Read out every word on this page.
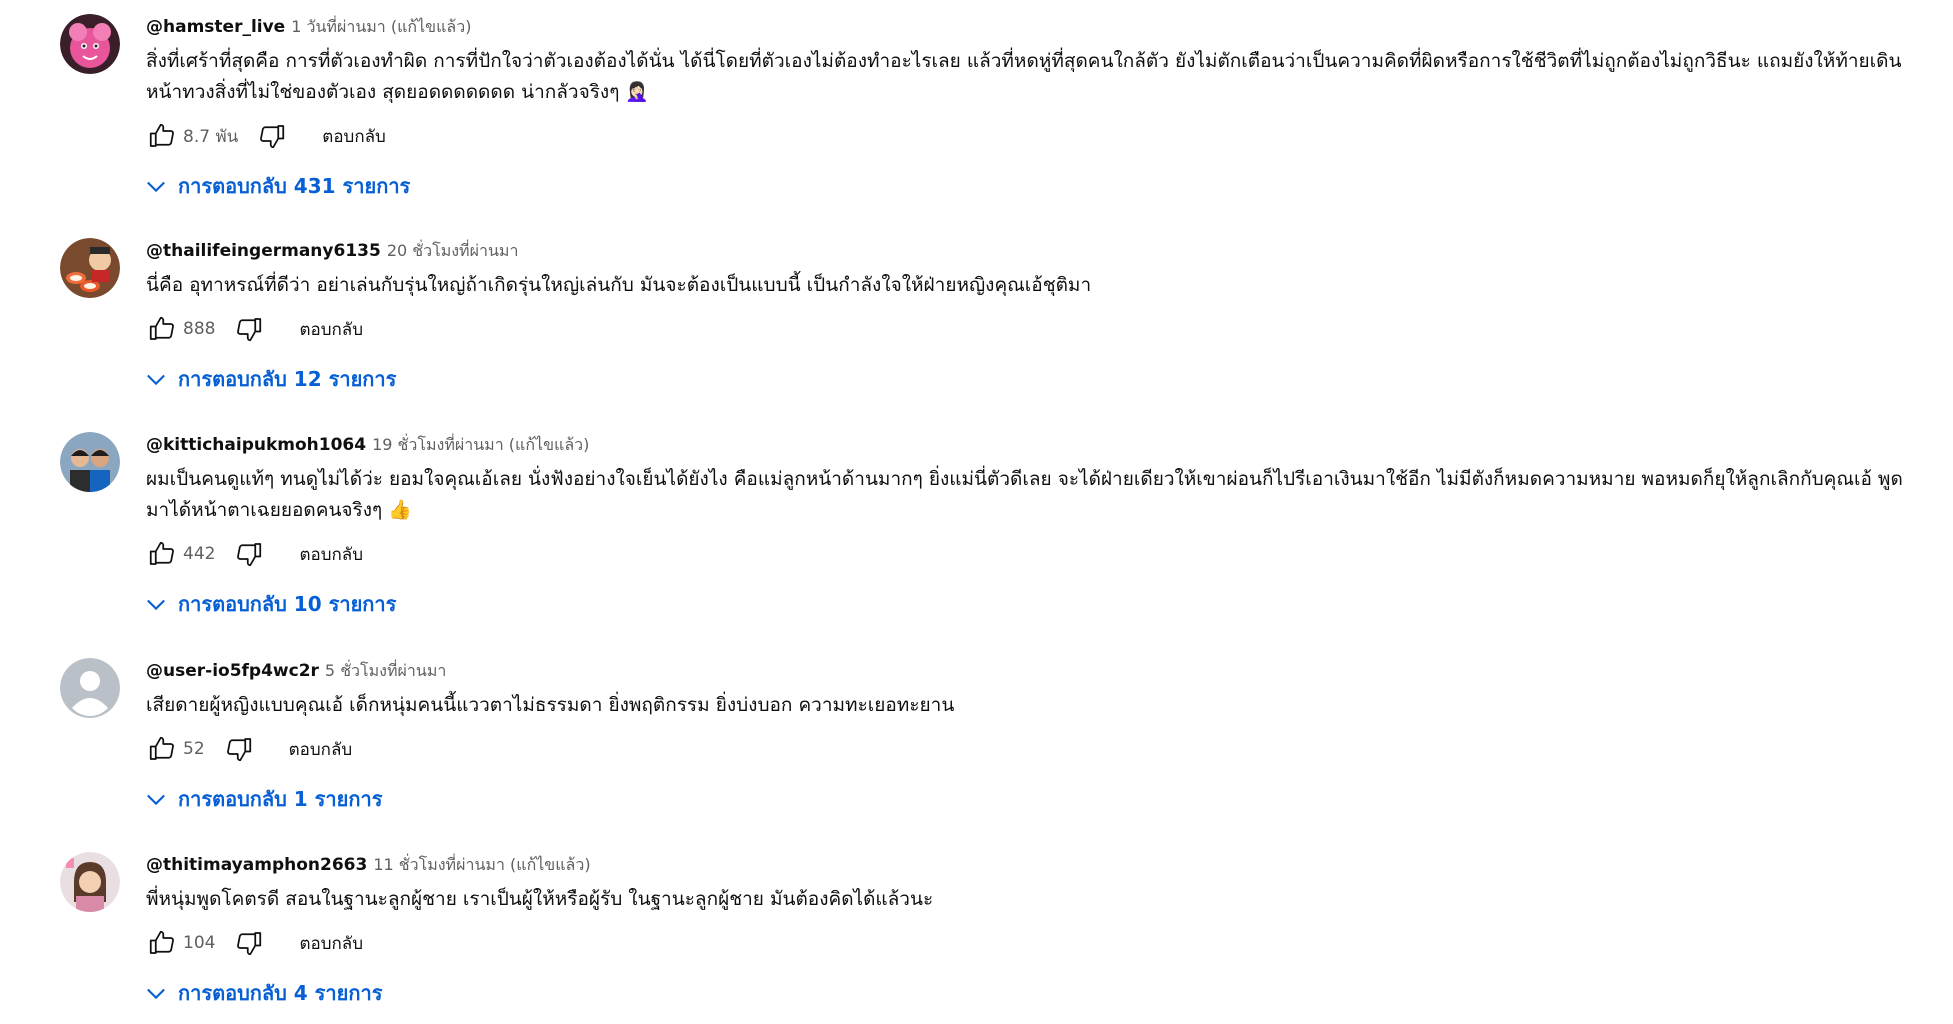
@hamster_live 1 วันที่ผ่านมา (แก้ไขแล้ว)
สิ่งที่เศร้าที่สุดคือ การที่ตัวเองทำผิด การที่ปักใจว่าตัวเองต้องได้นั่น ได้นี่โดยที่ตัวเองไม่ต้องทำอะไรเลย แล้วที่หดหู่ที่สุดคนใกล้ตัว ยังไม่ตักเตือนว่าเป็นความคิดที่ผิดหรือการใช้ชีวิตที่ไม่ถูกต้องไม่ถูกวิธีนะ แถมยังให้ท้ายเดินหน้าทวงสิ่งที่ไม่ใช่ของตัวเอง สุดยอดดดดดดด น่ากลัวจริงๆ 🤦🏻‍♀️
8.7 พัน	ตอบกลับ
การตอบกลับ 431 รายการ
@thailifeingermany6135 20 ชั่วโมงที่ผ่านมา
นี่คือ อุทาหรณ์ที่ดีว่า อย่าเล่นกับรุ่นใหญ่ถ้าเกิดรุ่นใหญ่เล่นกับ มันจะต้องเป็นแบบนี้ เป็นกำลังใจให้ฝ่ายหญิงคุณเอ้ชุติมา
888	ตอบกลับ
การตอบกลับ 12 รายการ
@kittichaipukmoh1064 19 ชั่วโมงที่ผ่านมา (แก้ไขแล้ว)
ผมเป็นคนดูแท้ๆ ทนดูไม่ได้ว่ะ ยอมใจคุณเอ้เลย นั่งฟังอย่างใจเย็นได้ยังไง คือแม่ลูกหน้าด้านมากๆ ยิ่งแม่นี่ตัวดีเลย จะได้ฝ่ายเดียวให้เขาผ่อนก็ไปรีเอาเงินมาใช้อีก ไม่มีตังก็หมดความหมาย พอหมดก็ยุให้ลูกเลิกกับคุณเอ้ พูดมาได้หน้าตาเฉยยอดคนจริงๆ 👍
442	ตอบกลับ
การตอบกลับ 10 รายการ
@user-io5fp4wc2r 5 ชั่วโมงที่ผ่านมา
เสียดายผู้หญิงแบบคุณเอ้ เด็กหนุ่มคนนี้แววตาไม่ธรรมดา ยิ่งพฤติกรรม ยิ่งบ่งบอก ความทะเยอทะยาน
52	ตอบกลับ
การตอบกลับ 1 รายการ
@thitimayamphon2663 11 ชั่วโมงที่ผ่านมา (แก้ไขแล้ว)
พี่หนุ่มพูดโคตรดี สอนในฐานะลูกผู้ชาย เราเป็นผู้ให้หรือผู้รับ ในฐานะลูกผู้ชาย มันต้องคิดได้แล้วนะ
104	ตอบกลับ
การตอบกลับ 4 รายการ
